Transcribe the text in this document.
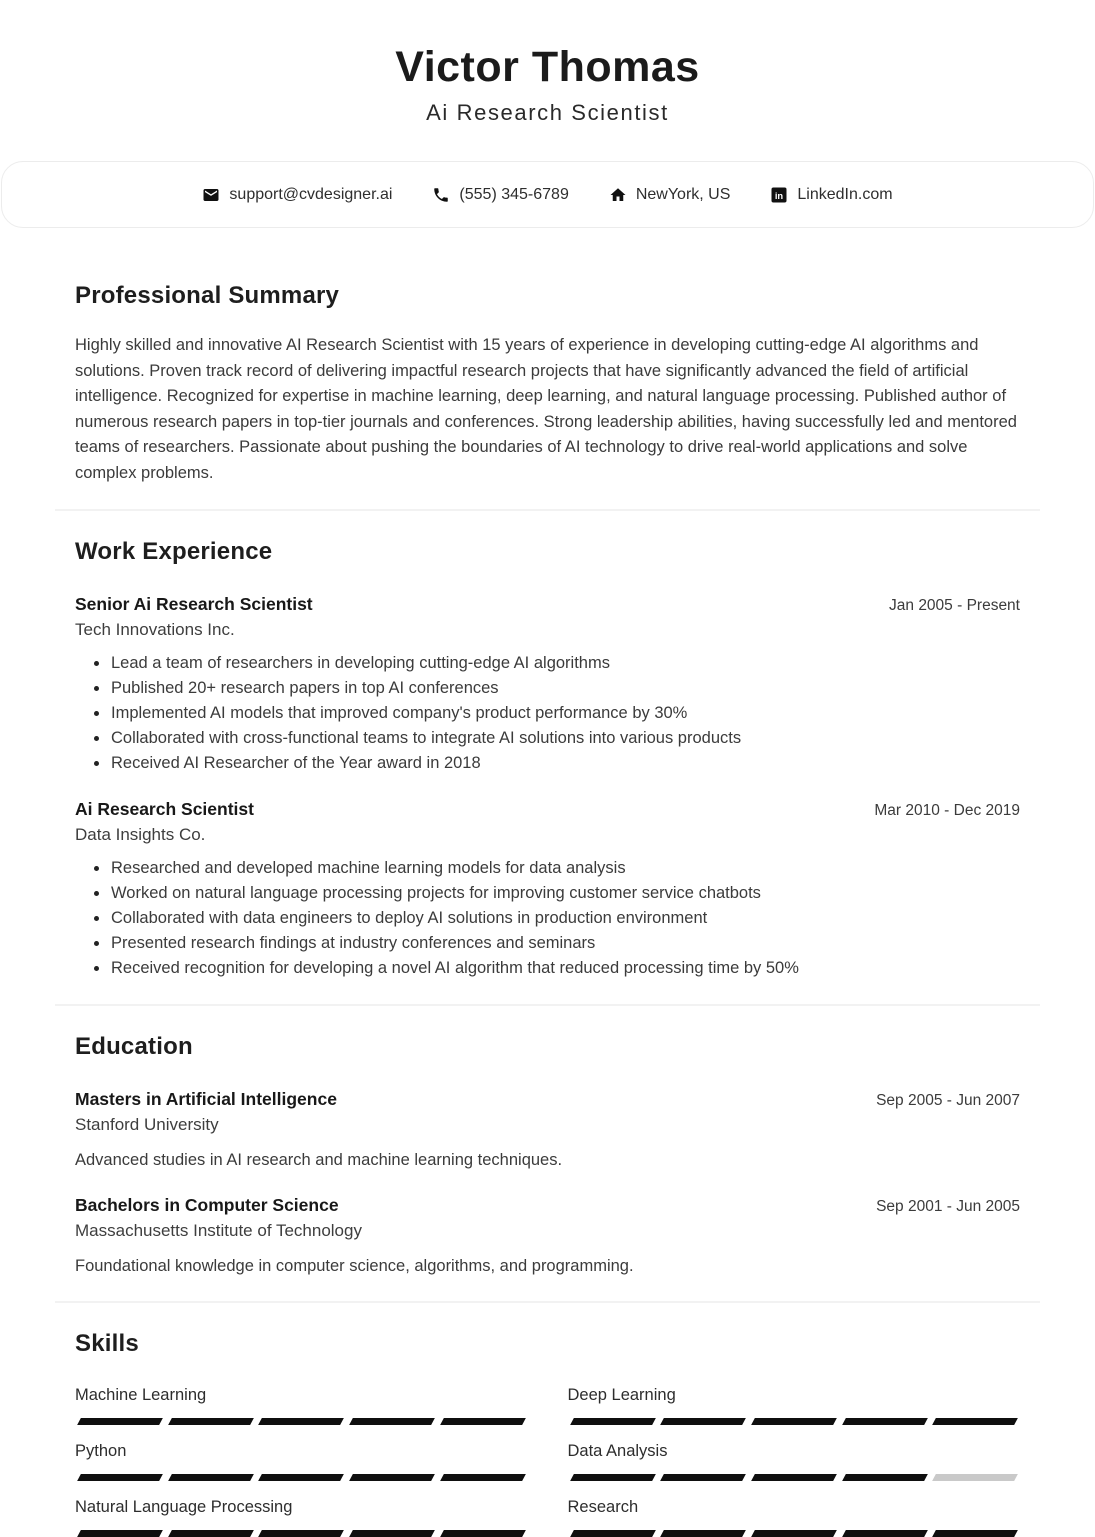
Victor Thomas
Ai Research Scientist
support@cvdesigner.ai	(555) 345-6789	NewYork, US	in LinkedIn.com
Professional Summary

Highly skilled and innovative AI Research Scientist with 15 years of experience in developing cutting-edge AI algorithms and solutions. Proven track record of delivering impactful research projects that have significantly advanced the field of artificial intelligence. Recognized for expertise in machine learning, deep learning, and natural language processing. Published author of numerous research papers in top-tier journals and conferences. Strong leadership abilities, having successfully led and mentored teams of researchers. Passionate about pushing the boundaries of AI technology to drive real-world applications and solve complex problems.

Work Experience
Senior Ai Research Scientist	Jan 2005 - Present
Tech Innovations Inc.
Lead a team of researchers in developing cutting-edge AI algorithms
Published 20+ research papers in top AI conferences
Implemented AI models that improved company's product performance by 30%
Collaborated with cross-functional teams to integrate AI solutions into various products
Received AI Researcher of the Year award in 2018
Ai Research Scientist	Mar 2010 - Dec 2019
Data Insights Co.
Researched and developed machine learning models for data analysis
Worked on natural language processing projects for improving customer service chatbots
Collaborated with data engineers to deploy AI solutions in production environment
Presented research findings at industry conferences and seminars
Received recognition for developing a novel AI algorithm that reduced processing time by 50%
Education
Masters in Artificial Intelligence	Sep 2005 - Jun 2007
Stanford University

Advanced studies in AI research and machine learning techniques.

Bachelors in Computer Science	Sep 2001 - Jun 2005
Massachusetts Institute of Technology

Foundational knowledge in computer science, algorithms, and programming.

Skills
Machine Learning	Deep Learning
Python	Data Analysis
Natural Language Processing	Research
